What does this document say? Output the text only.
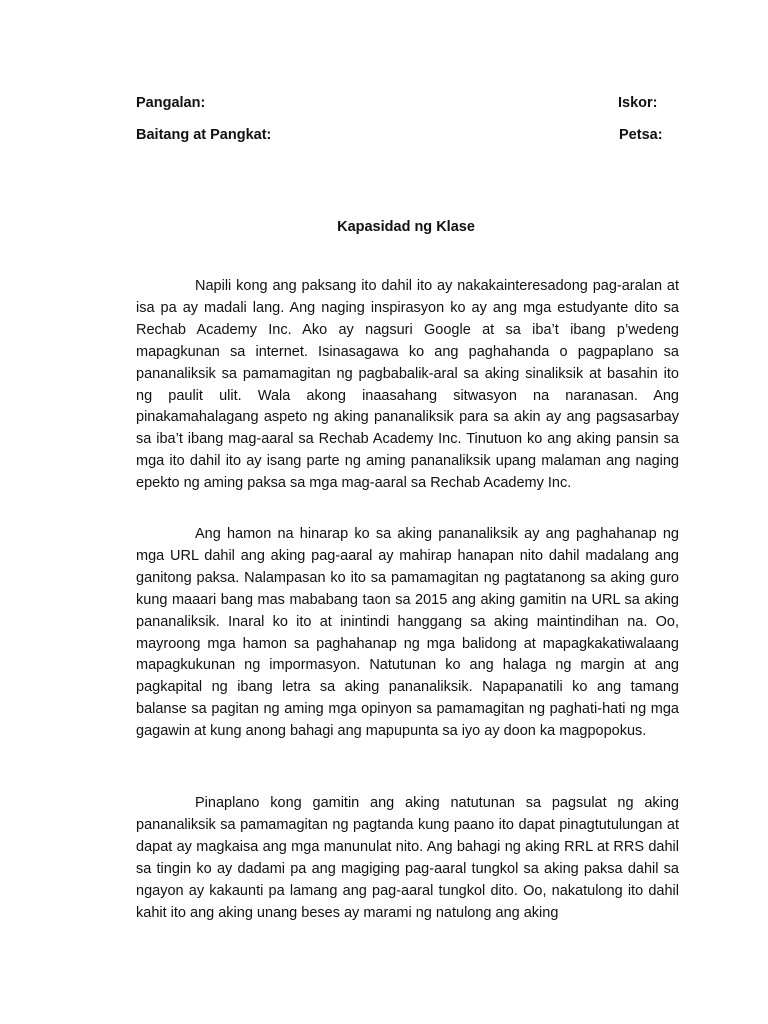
Pangalan:	Iskor:
Baitang at Pangkat:	Petsa:
Kapasidad ng Klase

Napili kong ang paksang ito dahil ito ay nakakainteresadong pag-aralan at isa pa ay madali lang. Ang naging inspirasyon ko ay ang mga estudyante dito sa Rechab Academy Inc. Ako ay nagsuri Google at sa iba’t ibang p’wedeng mapagkunan sa internet. Isinasagawa ko ang paghahanda o pagpaplano sa pananaliksik sa pamamagitan ng pagbabalik-aral sa aking sinaliksik at basahin ito ng paulit ulit. Wala akong inaasahang sitwasyon na naranasan. Ang pinakamahalagang aspeto ng aking pananaliksik para sa akin ay ang pagsasarbay sa iba’t ibang mag-aaral sa Rechab Academy Inc. Tinutuon ko ang aking pansin sa mga ito dahil ito ay isang parte ng aming pananaliksik upang malaman ang naging epekto ng aming paksa sa mga mag-aaral sa Rechab Academy Inc.

Ang hamon na hinarap ko sa aking pananaliksik ay ang paghahanap ng mga URL dahil ang aking pag-aaral ay mahirap hanapan nito dahil madalang ang ganitong paksa. Nalampasan ko ito sa pamamagitan ng pagtatanong sa aking guro kung maaari bang mas mababang taon sa 2015 ang aking gamitin na URL sa aking pananaliksik. Inaral ko ito at inintindi hanggang sa aking maintindihan na. Oo, mayroong mga hamon sa paghahanap ng mga balidong at mapagkakatiwalaang mapagkukunan ng impormasyon. Natutunan ko ang halaga ng margin at ang pagkapital ng ibang letra sa aking pananaliksik. Napapanatili ko ang tamang balanse sa pagitan ng aming mga opinyon sa pamamagitan ng paghati-hati ng mga gagawin at kung anong bahagi ang mapupunta sa iyo ay doon ka magpopokus.

Pinaplano kong gamitin ang aking natutunan sa pagsulat ng aking pananaliksik sa pamamagitan ng pagtanda kung paano ito dapat pinagtutulungan at dapat ay magkaisa ang mga manunulat nito. Ang bahagi ng aking RRL at RRS dahil sa tingin ko ay dadami pa ang magiging pag-aaral tungkol sa aking paksa dahil sa ngayon ay kakaunti pa lamang ang pag-aaral tungkol dito. Oo, nakatulong ito dahil kahit ito ang aking unang beses ay marami ng natulong ang aking
